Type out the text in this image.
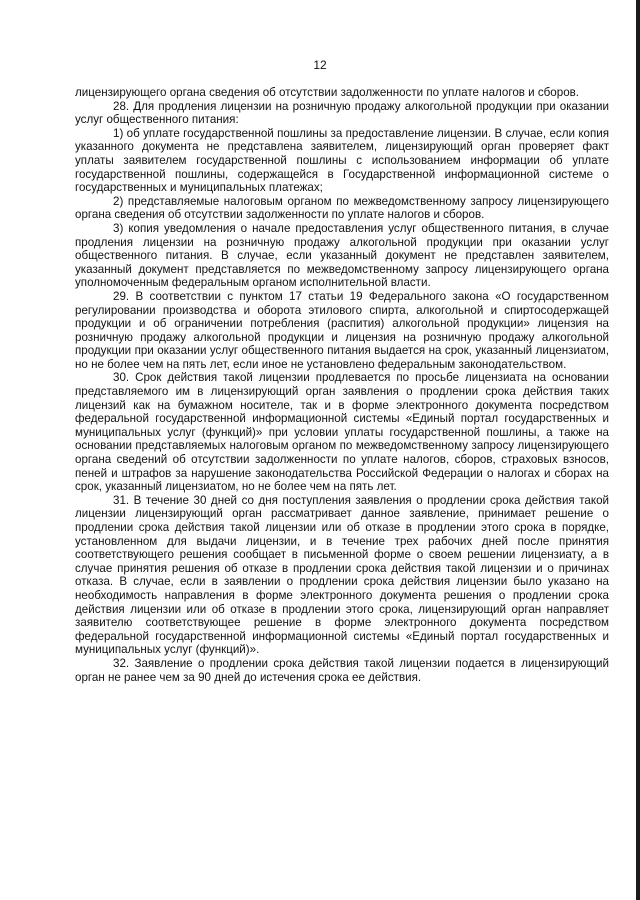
12

лицензирующего органа сведения об отсутствии задолженности по уплате налогов и сборов.

28. Для продления лицензии на розничную продажу алкогольной продукции при оказании услуг общественного питания:

1) об уплате государственной пошлины за предоставление лицензии. В случае, если копия указанного документа не представлена заявителем, лицензирующий орган проверяет факт уплаты заявителем государственной пошлины с использованием информации об уплате государственной пошлины, содержащейся в Государственной информационной системе о государственных и муниципальных платежах;

2) представляемые налоговым органом по межведомственному запросу лицензирующего органа сведения об отсутствии задолженности по уплате налогов и сборов.

3) копия уведомления о начале предоставления услуг общественного питания, в случае продления лицензии на розничную продажу алкогольной продукции при оказании услуг общественного питания. В случае, если указанный документ не представлен заявителем, указанный документ представляется по межведомственному запросу лицензирующего органа уполномоченным федеральным органом исполнительной власти.

29. В соответствии с пунктом 17 статьи 19 Федерального закона «О государственном регулировании производства и оборота этилового спирта, алкогольной и спиртосодержащей продукции и об ограничении потребления (распития) алкогольной продукции» лицензия на розничную продажу алкогольной продукции и лицензия на розничную продажу алкогольной продукции при оказании услуг общественного питания выдается на срок, указанный лицензиатом, но не более чем на пять лет, если иное не установлено федеральным законодательством.

30. Срок действия такой лицензии продлевается по просьбе лицензиата на основании представляемого им в лицензирующий орган заявления о продлении срока действия таких лицензий как на бумажном носителе, так и в форме электронного документа посредством федеральной государственной информационной системы «Единый портал государственных и муниципальных услуг (функций)» при условии уплаты государственной пошлины, а также на основании представляемых налоговым органом по межведомственному запросу лицензирующего органа сведений об отсутствии задолженности по уплате налогов, сборов, страховых взносов, пеней и штрафов за нарушение законодательства Российской Федерации о налогах и сборах на срок, указанный лицензиатом, но не более чем на пять лет.

31. В течение 30 дней со дня поступления заявления о продлении срока действия такой лицензии лицензирующий орган рассматривает данное заявление, принимает решение о продлении срока действия такой лицензии или об отказе в продлении этого срока в порядке, установленном для выдачи лицензии, и в течение трех рабочих дней после принятия соответствующего решения сообщает в письменной форме о своем решении лицензиату, а в случае принятия решения об отказе в продлении срока действия такой лицензии и о причинах отказа. В случае, если в заявлении о продлении срока действия лицензии было указано на необходимость направления в форме электронного документа решения о продлении срока действия лицензии или об отказе в продлении этого срока, лицензирующий орган направляет заявителю соответствующее решение в форме электронного документа посредством федеральной государственной информационной системы «Единый портал государственных и муниципальных услуг (функций)».

32. Заявление о продлении срока действия такой лицензии подается в лицензирующий орган не ранее чем за 90 дней до истечения срока ее действия.
